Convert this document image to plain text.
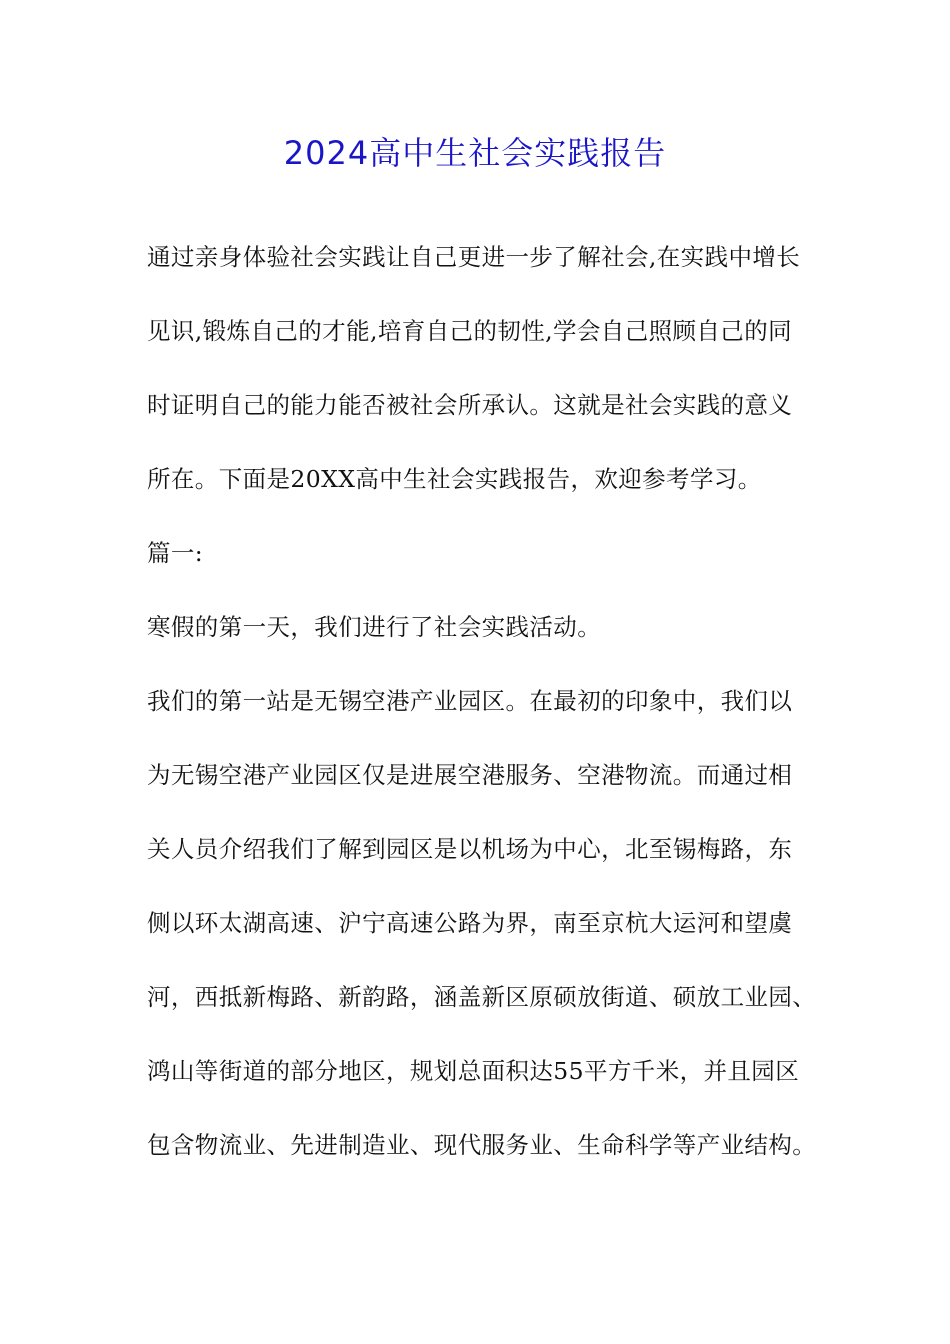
2024高中生社会实践报告
通过亲身体验社会实践让自己更进一步了解社会,在实践中增长
见识,锻炼自己的才能,培育自己的韧性,学会自己照顾自己的同
时证明自己的能力能否被社会所承认。这就是社会实践的意义
所在。下面是20XX高中生社会实践报告，欢迎参考学习。
篇一:
寒假的第一天，我们进行了社会实践活动。
我们的第一站是无锡空港产业园区。在最初的印象中，我们以
为无锡空港产业园区仅是进展空港服务、空港物流。而通过相
关人员介绍我们了解到园区是以机场为中心，北至锡梅路，东
侧以环太湖高速、沪宁高速公路为界，南至京杭大运河和望虞
河，西抵新梅路、新韵路，涵盖新区原硕放街道、硕放工业园、
鸿山等街道的部分地区，规划总面积达55平方千米，并且园区
包含物流业、先进制造业、现代服务业、生命科学等产业结构。
